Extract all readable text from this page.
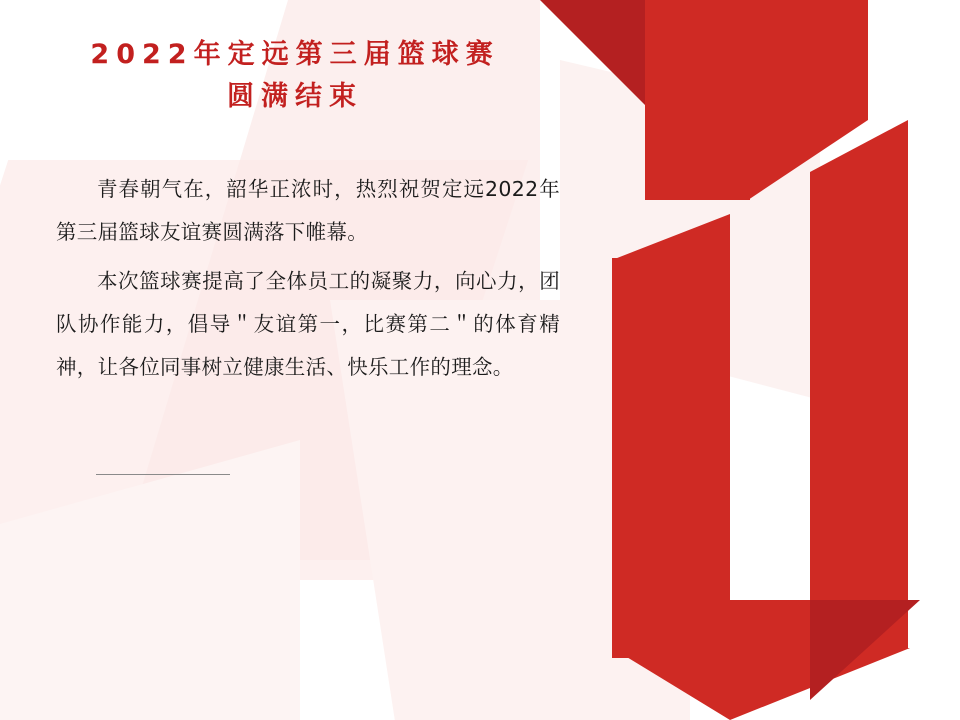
2022年定远第三届篮球赛
圆满结束

青春朝气在，韶华正浓时，热烈祝贺定远2022年第三届篮球友谊赛圆满落下帷幕。

本次篮球赛提高了全体员工的凝聚力，向心力，团队协作能力，倡导＂友谊第一，比赛第二＂的体育精神，让各位同事树立健康生活、快乐工作的理念。
